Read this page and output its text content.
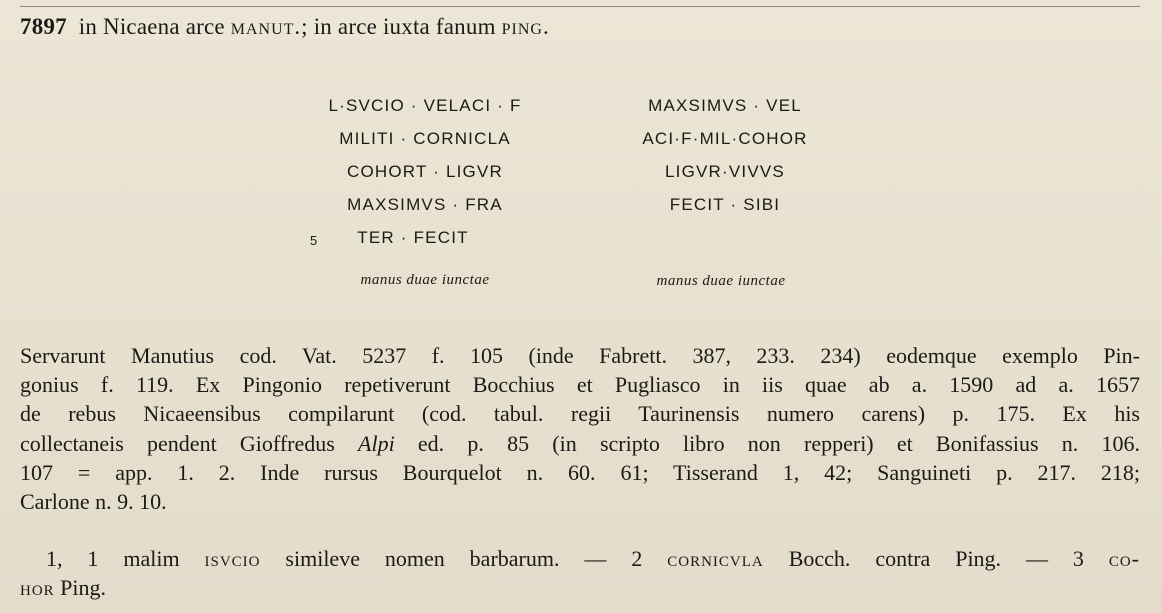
7897 in Nicaena arce manut.; in arce iuxta fanum ping.
L·SVCIO · VELACI · F
MILITI · CORNICLA
COHORT · LIGVR
MAXSIMVS · FRA
TER · FECIT
5
MAXSIMVS · VEL
ACI·F·MIL·COHOR
LIGVR·VIVVS
FECIT · SIBI
manus duae iunctae	manus duae iunctae
Servarunt Manutius cod. Vat. 5237 f. 105 (inde Fabrett. 387, 233. 234) eodemque exemplo Pin-
gonius f. 119. Ex Pingonio repetiverunt Bocchius et Pugliasco in iis quae ab a. 1590 ad a. 1657
de rebus Nicaeensibus compilarunt (cod. tabul. regii Taurinensis numero carens) p. 175. Ex his
collectaneis pendent Gioffredus Alpi ed. p. 85 (in scripto libro non repperi) et Bonifassius n. 106.
107 = app. 1. 2. Inde rursus Bourquelot n. 60. 61; Tisserand 1, 42; Sanguineti p. 217. 218;
Carlone n. 9. 10.
1, 1 malim isvcio simileve nomen barbarum. — 2 cornicvla Bocch. contra Ping. — 3 co-
hor Ping.
